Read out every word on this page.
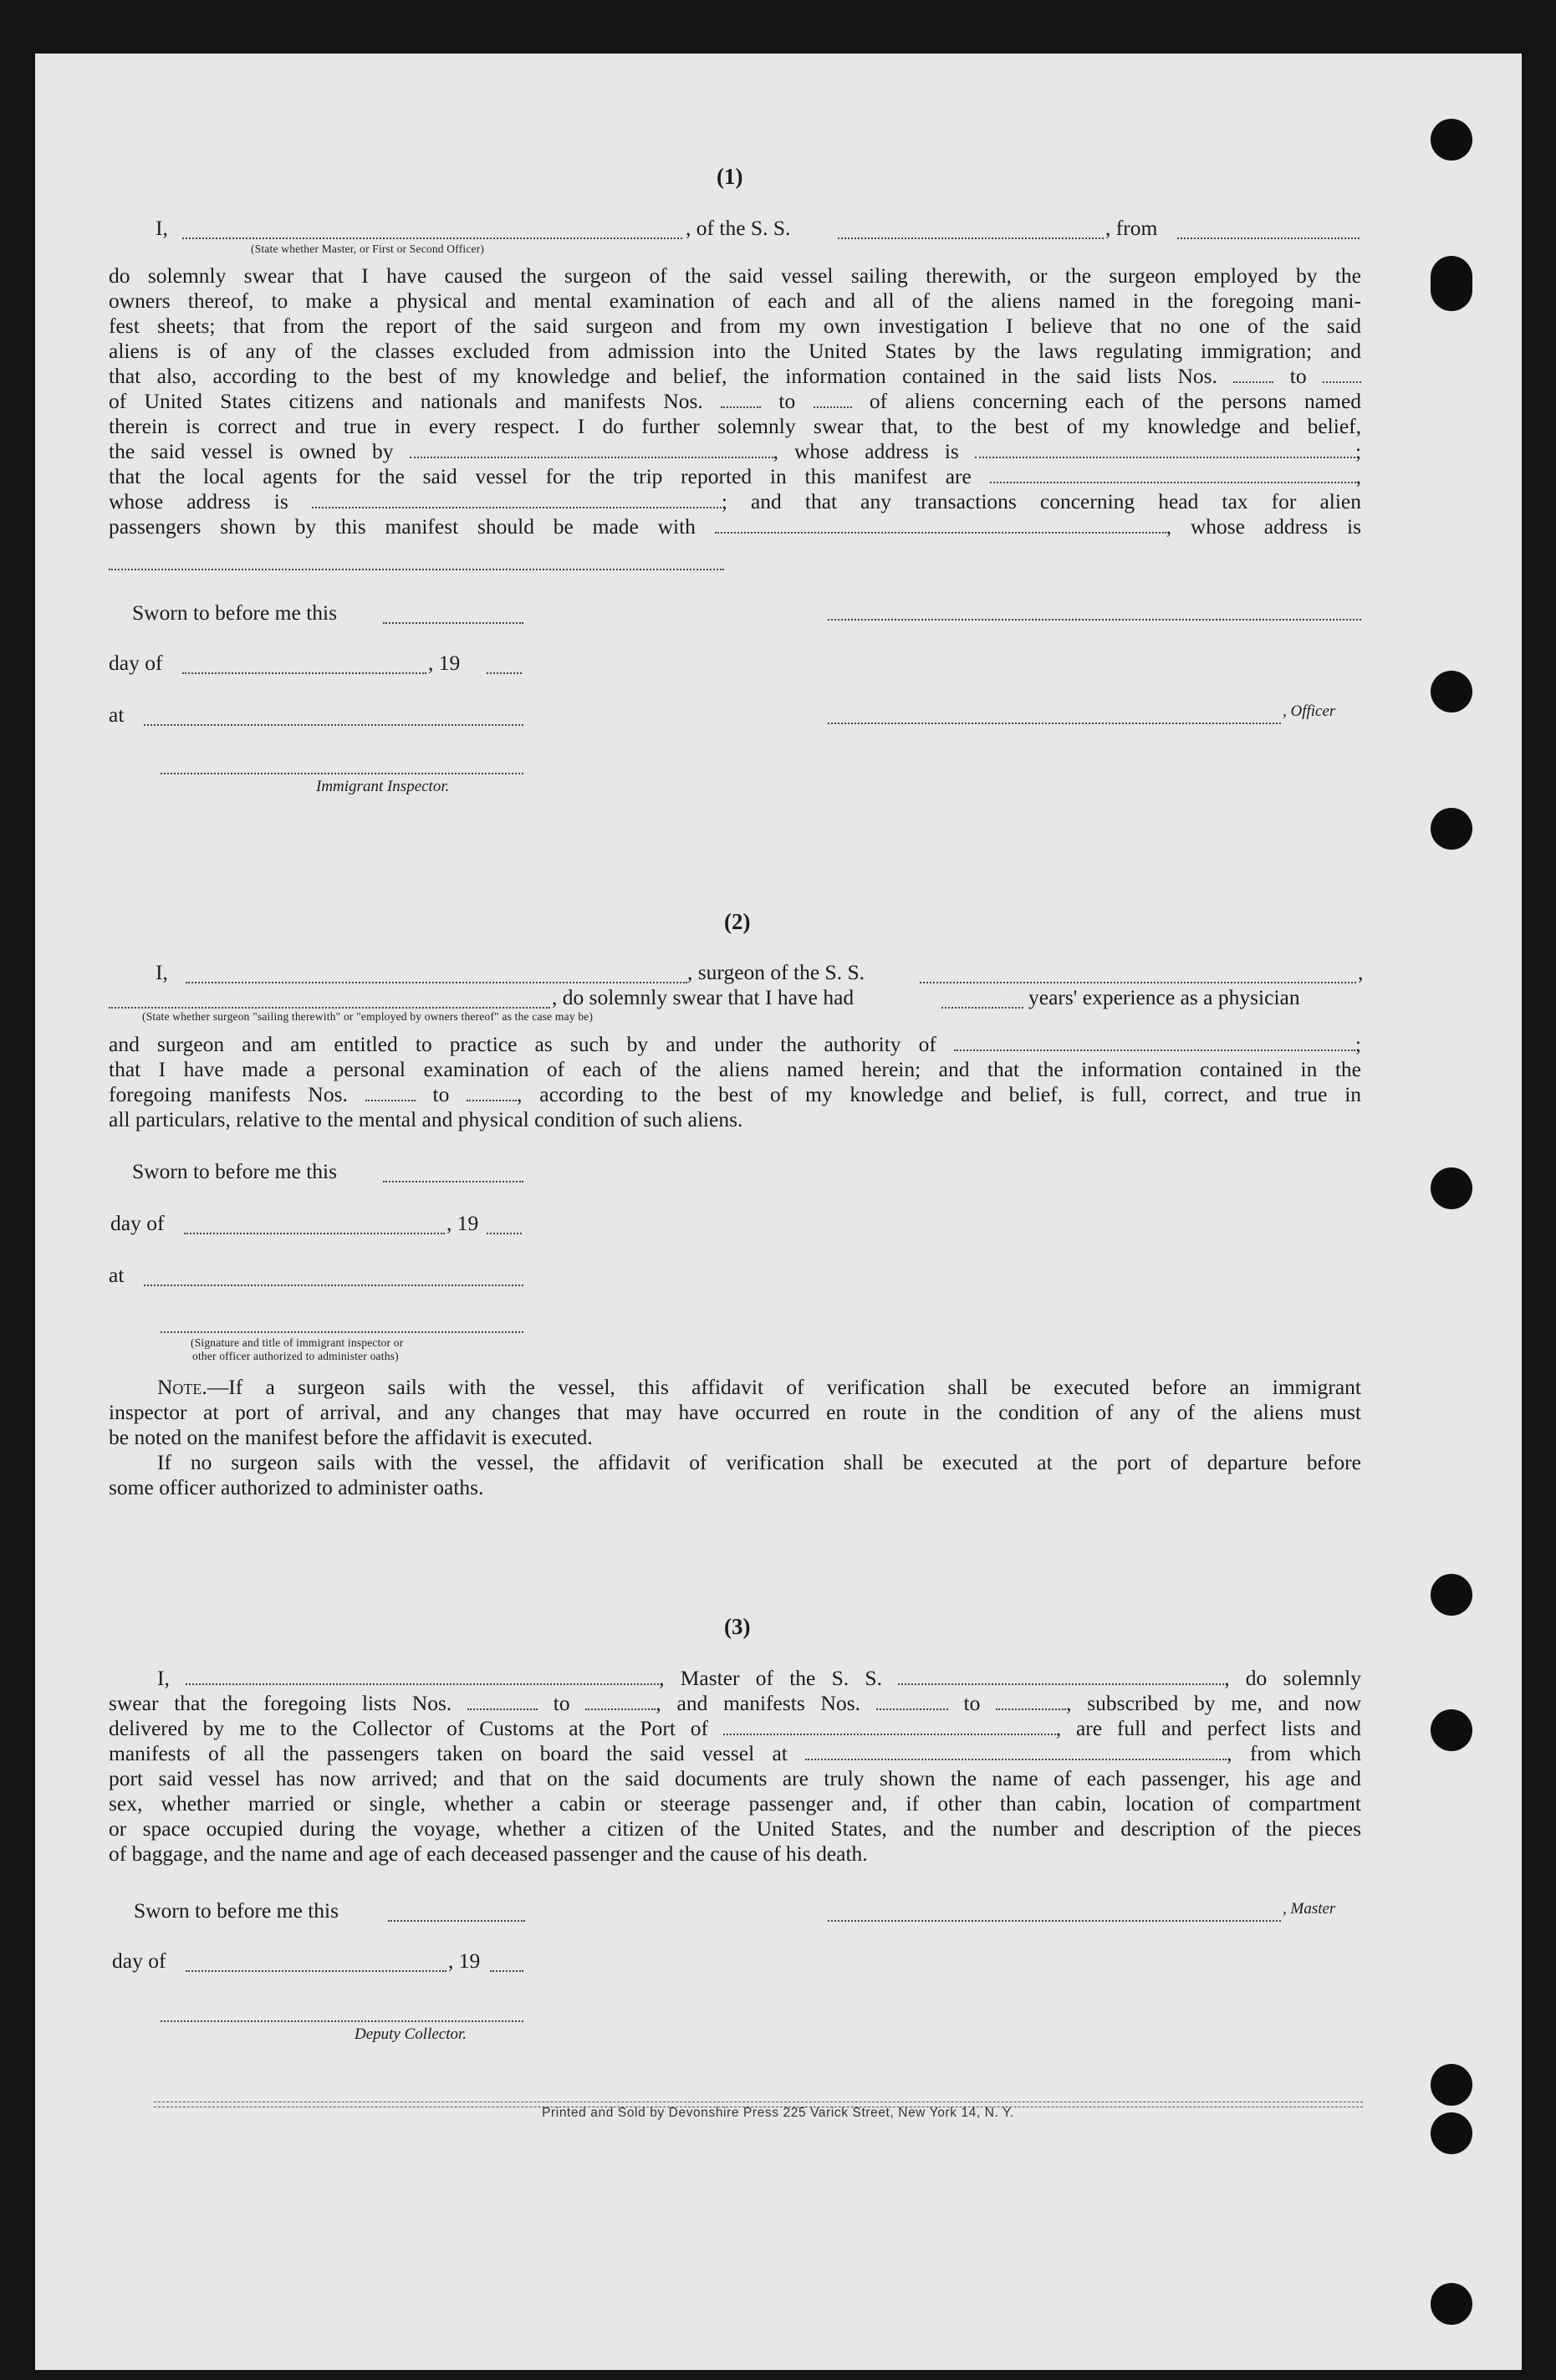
(1)
I,	, of the S. S.	, from
(State whether Master, or First or Second Officer)
do solemnly swear that I have caused the surgeon of the said vessel sailing therewith, or the surgeon employed by the
owners thereof, to make a physical and mental examination of each and all of the aliens named in the foregoing mani-
fest sheets; that from the report of the said surgeon and from my own investigation I believe that no one of the said
aliens is of any of the classes excluded from admission into the United States by the laws regulating immigration; and
that also, according to the best of my knowledge and belief, the information contained in the said lists Nos.	to
of United States citizens and nationals and manifests Nos.	to	of aliens concerning each of the persons named
therein is correct and true in every respect. I do further solemnly swear that, to the best of my knowledge and belief,
the said vessel is owned by	, whose address is	;
that the local agents for the said vessel for the trip reported in this manifest are	,
whose address is	; and that any transactions concerning head tax for alien
passengers shown by this manifest should be made with	, whose address is
Sworn to before me this
day of	, 19
at	, Officer
Immigrant Inspector.
(2)
I,	, surgeon of the S. S.	,
, do solemnly swear that I have had	years' experience as a physician
(State whether surgeon "sailing therewith" or "employed by owners thereof" as the case may be)
and surgeon and am entitled to practice as such by and under the authority of	;
that I have made a personal examination of each of the aliens named herein; and that the information contained in the
foregoing manifests Nos.	to	, according to the best of my knowledge and belief, is full, correct, and true in
all particulars, relative to the mental and physical condition of such aliens.
Sworn to before me this
day of	, 19
at
(Signature and title of immigrant inspector or
other officer authorized to administer oaths)
Note.—If a surgeon sails with the vessel, this affidavit of verification shall be executed before an immigrant
inspector at port of arrival, and any changes that may have occurred en route in the condition of any of the aliens must
be noted on the manifest before the affidavit is executed.
If no surgeon sails with the vessel, the affidavit of verification shall be executed at the port of departure before
some officer authorized to administer oaths.
(3)
I,	, Master of the S. S.	, do solemnly
swear that the foregoing lists Nos.	to	, and manifests Nos.	to	, subscribed by me, and now
delivered by me to the Collector of Customs at the Port of	, are full and perfect lists and
manifests of all the passengers taken on board the said vessel at	, from which
port said vessel has now arrived; and that on the said documents are truly shown the name of each passenger, his age and
sex, whether married or single, whether a cabin or steerage passenger and, if other than cabin, location of compartment
or space occupied during the voyage, whether a citizen of the United States, and the number and description of the pieces
of baggage, and the name and age of each deceased passenger and the cause of his death.
Sworn to before me this	, Master
day of	, 19
Deputy Collector.
Printed and Sold by Devonshire Press 225 Varick Street, New York 14, N. Y.
